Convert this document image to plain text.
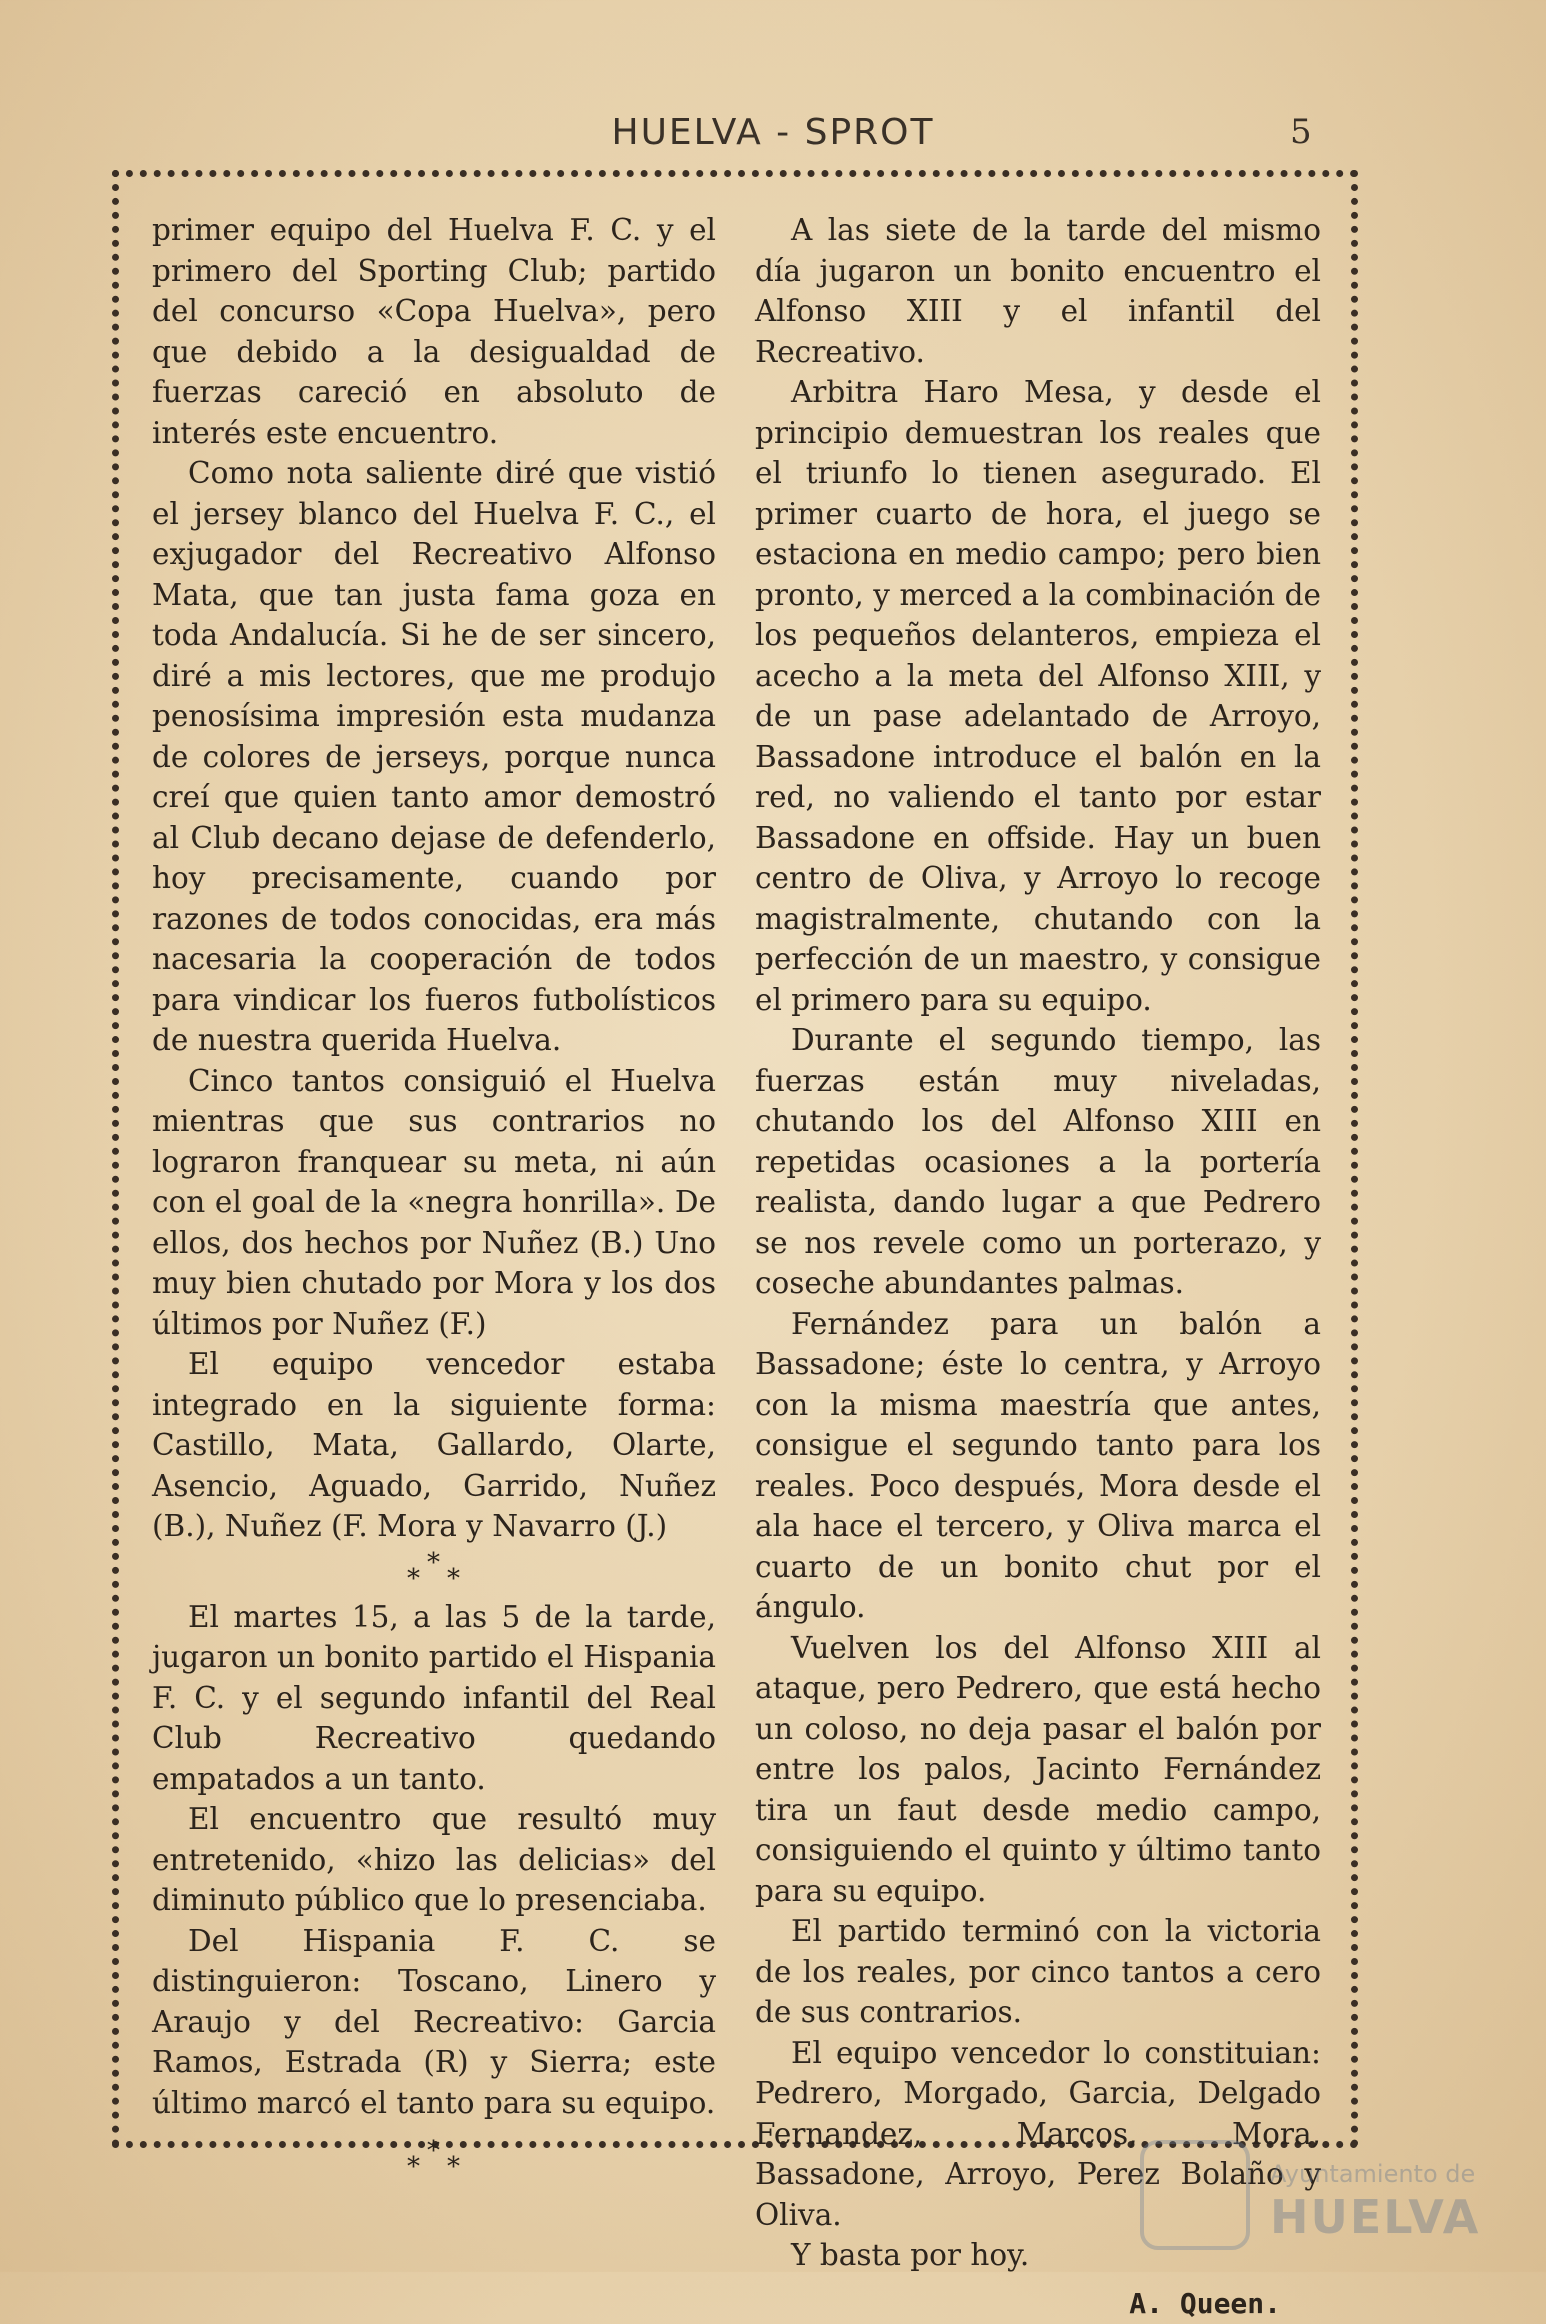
HUELVA - SPROT	5

primer equipo del Huelva F. C. y el primero del Sporting Club; partido del concurso «Copa Huelva», pero que debido a la desigualdad de fuerzas careció en absoluto de interés este encuentro.

Como nota saliente diré que vistió el jersey blanco del Huelva F. C., el exjugador del Recreativo Alfonso Mata, que tan justa fama goza en toda Andalucía. Si he de ser sincero, diré a mis lectores, que me produjo penosísima impresión esta mudanza de colores de jerseys, porque nunca creí que quien tanto amor demostró al Club decano dejase de defenderlo, hoy precisamente, cuando por razones de todos conocidas, era más nacesaria la cooperación de todos para vindicar los fueros futbolísticos de nuestra querida Huelva.

Cinco tantos consiguió el Huelva mientras que sus contrarios no lograron franquear su meta, ni aún con el goal de la «negra honrilla». De ellos, dos hechos por Nuñez (B.) Uno muy bien chutado por Mora y los dos últimos por Nuñez (F.)

El equipo vencedor estaba integrado en la siguiente forma: Castillo, Mata, Gallardo, Olarte, Asencio, Aguado, Garrido, Nuñez (B.), Nuñez (F. Mora y Navarro (J.)

*
* *

El martes 15, a las 5 de la tarde, jugaron un bonito partido el Hispania F. C. y el segundo infantil del Real Club Recreativo quedando empatados a un tanto.

El encuentro que resultó muy entretenido, «hizo las delicias» del diminuto público que lo presenciaba.

Del Hispania F. C. se distinguieron: Toscano, Linero y Araujo y del Recreativo: Garcia Ramos, Estrada (R) y Sierra; este último marcó el tanto para su equipo.

*
* *

A las siete de la tarde del mismo día jugaron un bonito encuentro el Alfonso XIII y el infantil del Recreativo.

Arbitra Haro Mesa, y desde el principio demuestran los reales que el triunfo lo tienen asegurado. El primer cuarto de hora, el juego se estaciona en medio campo; pero bien pronto, y merced a la combinación de los pequeños delanteros, empieza el acecho a la meta del Alfonso XIII, y de un pase adelantado de Arroyo, Bassadone introduce el balón en la red, no valiendo el tanto por estar Bassadone en offside. Hay un buen centro de Oliva, y Arroyo lo recoge magistralmente, chutando con la perfección de un maestro, y consigue el primero para su equipo.

Durante el segundo tiempo, las fuerzas están muy niveladas, chutando los del Alfonso XIII en repetidas ocasiones a la portería realista, dando lugar a que Pedrero se nos revele como un porterazo, y coseche abundantes palmas.

Fernández para un balón a Bassadone; éste lo centra, y Arroyo con la misma maestría que antes, consigue el segundo tanto para los reales. Poco después, Mora desde el ala hace el tercero, y Oliva marca el cuarto de un bonito chut por el ángulo.

Vuelven los del Alfonso XIII al ataque, pero Pedrero, que está hecho un coloso, no deja pasar el balón por entre los palos, Jacinto Fernández tira un faut desde medio campo, consiguiendo el quinto y último tanto para su equipo.

El partido terminó con la victoria de los reales, por cinco tantos a cero de sus contrarios.

El equipo vencedor lo constituian: Pedrero, Morgado, Garcia, Delgado Fernandez, Marcos, Mora, Bassadone, Arroyo, Perez Bolaño y Oliva.

Y basta por hoy.

A. Queen.
Ayuntamiento de
HUELVA
